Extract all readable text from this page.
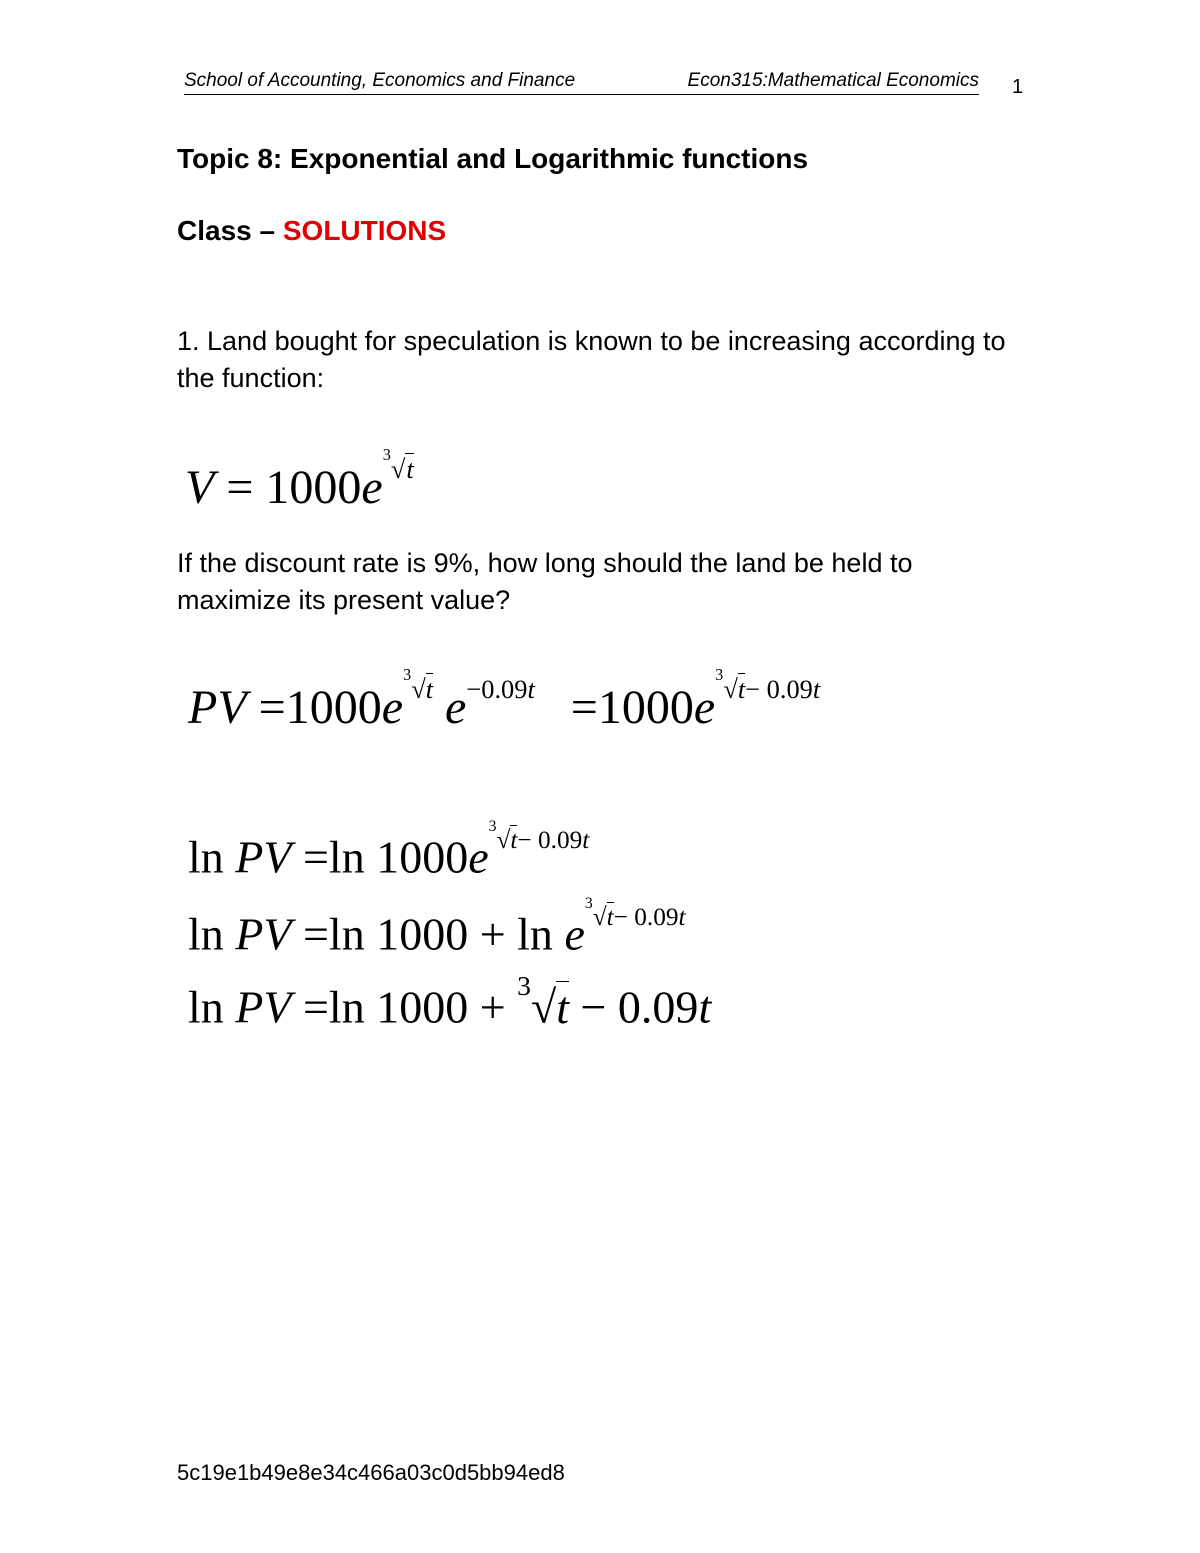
School of Accounting, Economics and Finance	Econ315:Mathematical Economics 1
Topic 8: Exponential and Logarithmic functions
Class – SOLUTIONS
1. Land bought for speculation is known to be increasing according to the function:
$V = 1000e^{^3√t}$
If the discount rate is 9%, how long should the land be held to maximize its present value?
PV $=1000e^{^3√t}$ $e^{-0.09t} =1000e^{^3√t- 0.09t}$
ln PV =ln $1000e^{^3√t- 0.09t}$
ln PV =ln $1000 + \ln e^{^3√t- 0.09t}$
ln PV =ln 1000 + $^3$√t − 0.09t
5c19e1b49e8e34c466a03c0d5bb94ed8
